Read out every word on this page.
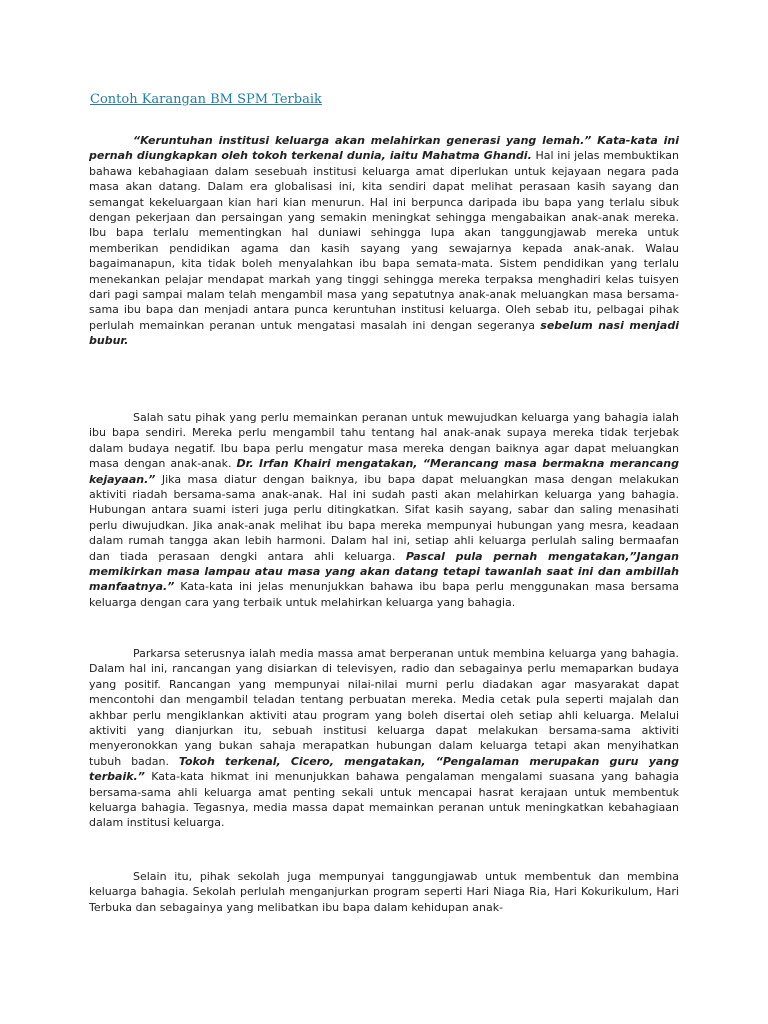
Contoh Karangan BM SPM Terbaik

“Keruntuhan institusi keluarga akan melahirkan generasi yang lemah.” Kata-kata ini pernah diungkapkan oleh tokoh terkenal dunia, iaitu Mahatma Ghandi. Hal ini jelas membuktikan bahawa kebahagiaan dalam sesebuah institusi keluarga amat diperlukan untuk kejayaan negara pada masa akan datang. Dalam era globalisasi ini, kita sendiri dapat melihat perasaan kasih sayang dan semangat kekeluargaan kian hari kian menurun. Hal ini berpunca daripada ibu bapa yang terlalu sibuk dengan pekerjaan dan persaingan yang semakin meningkat sehingga mengabaikan anak-anak mereka. Ibu bapa terlalu mementingkan hal duniawi sehingga lupa akan tanggungjawab mereka untuk memberikan pendidikan agama dan kasih sayang yang sewajarnya kepada anak-anak. Walau bagaimanapun, kita tidak boleh menyalahkan ibu bapa semata-mata. Sistem pendidikan yang terlalu menekankan pelajar mendapat markah yang tinggi sehingga mereka terpaksa menghadiri kelas tuisyen dari pagi sampai malam telah mengambil masa yang sepatutnya anak-anak meluangkan masa bersama-sama ibu bapa dan menjadi antara punca keruntuhan institusi keluarga. Oleh sebab itu, pelbagai pihak perlulah memainkan peranan untuk mengatasi masalah ini dengan segeranya sebelum nasi menjadi bubur.

Salah satu pihak yang perlu memainkan peranan untuk mewujudkan keluarga yang bahagia ialah ibu bapa sendiri. Mereka perlu mengambil tahu tentang hal anak-anak supaya mereka tidak terjebak dalam budaya negatif. Ibu bapa perlu mengatur masa mereka dengan baiknya agar dapat meluangkan masa dengan anak-anak. Dr. Irfan Khairi mengatakan, “Merancang masa bermakna merancang kejayaan.” Jika masa diatur dengan baiknya, ibu bapa dapat meluangkan masa dengan melakukan aktiviti riadah bersama-sama anak-anak. Hal ini sudah pasti akan melahirkan keluarga yang bahagia. Hubungan antara suami isteri juga perlu ditingkatkan. Sifat kasih sayang, sabar dan saling menasihati perlu diwujudkan. Jika anak-anak melihat ibu bapa mereka mempunyai hubungan yang mesra, keadaan dalam rumah tangga akan lebih harmoni. Dalam hal ini, setiap ahli keluarga perlulah saling bermaafan dan tiada perasaan dengki antara ahli keluarga. Pascal pula pernah mengatakan,”Jangan memikirkan masa lampau atau masa yang akan datang tetapi tawanlah saat ini dan ambillah manfaatnya.” Kata-kata ini jelas menunjukkan bahawa ibu bapa perlu menggunakan masa bersama keluarga dengan cara yang terbaik untuk melahirkan keluarga yang bahagia.

Parkarsa seterusnya ialah media massa amat berperanan untuk membina keluarga yang bahagia. Dalam hal ini, rancangan yang disiarkan di televisyen, radio dan sebagainya perlu memaparkan budaya yang positif. Rancangan yang mempunyai nilai-nilai murni perlu diadakan agar masyarakat dapat mencontohi dan mengambil teladan tentang perbuatan mereka. Media cetak pula seperti majalah dan akhbar perlu mengiklankan aktiviti atau program yang boleh disertai oleh setiap ahli keluarga. Melalui aktiviti yang dianjurkan itu, sebuah institusi keluarga dapat melakukan bersama-sama aktiviti menyeronokkan yang bukan sahaja merapatkan hubungan dalam keluarga tetapi akan menyihatkan tubuh badan. Tokoh terkenal, Cicero, mengatakan, “Pengalaman merupakan guru yang terbaik.” Kata-kata hikmat ini menunjukkan bahawa pengalaman mengalami suasana yang bahagia bersama-sama ahli keluarga amat penting sekali untuk mencapai hasrat kerajaan untuk membentuk keluarga bahagia. Tegasnya, media massa dapat memainkan peranan untuk meningkatkan kebahagiaan dalam institusi keluarga.

Selain itu, pihak sekolah juga mempunyai tanggungjawab untuk membentuk dan membina keluarga bahagia. Sekolah perlulah menganjurkan program seperti Hari Niaga Ria, Hari Kokurikulum, Hari Terbuka dan sebagainya yang melibatkan ibu bapa dalam kehidupan anak-
